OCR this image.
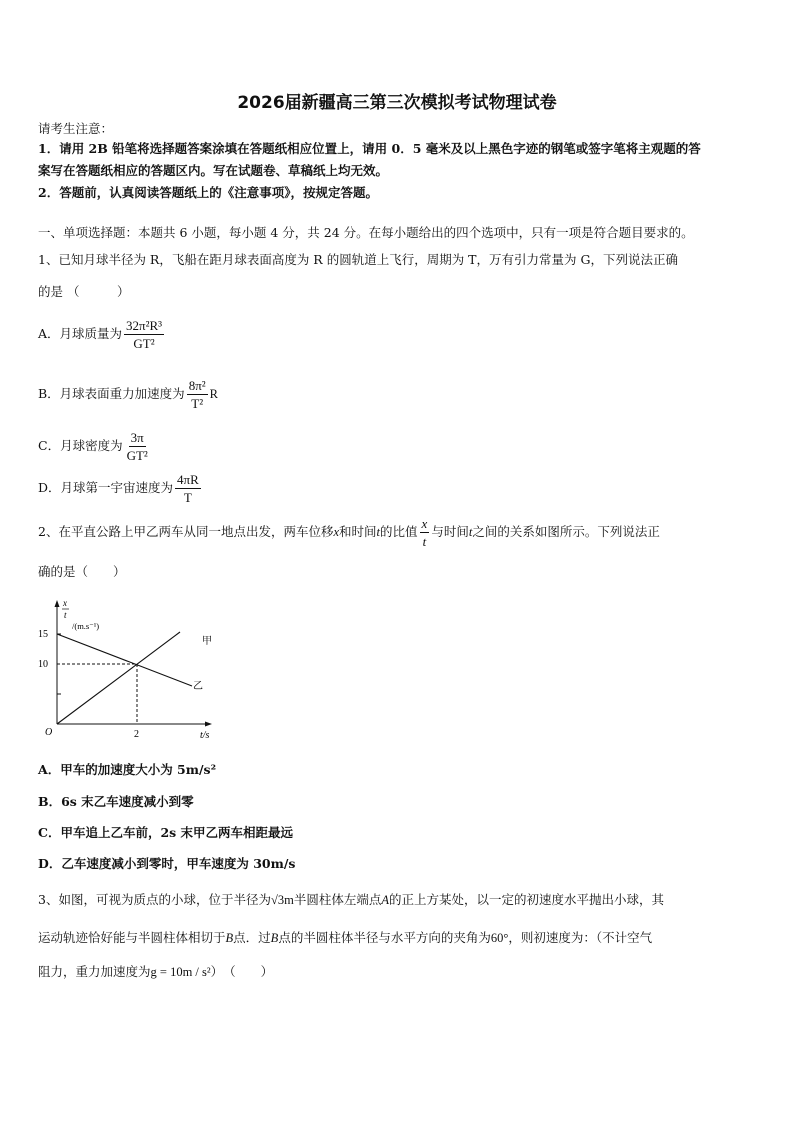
2026届新疆高三第三次模拟考试物理试卷
请考生注意：
1．请用 2B 铅笔将选择题答案涂填在答题纸相应位置上，请用 0．5 毫米及以上黑色字迹的钢笔或签字笔将主观题的答
案写在答题纸相应的答题区内。写在试题卷、草稿纸上均无效。
2．答题前，认真阅读答题纸上的《注意事项》，按规定答题。
一、单项选择题：本题共 6 小题，每小题 4 分，共 24 分。在每小题给出的四个选项中，只有一项是符合题目要求的。
1、已知月球半径为 R，飞船在距月球表面高度为 R 的圆轨道上飞行，周期为 T，万有引力常量为 G，下列说法正确
的是 （　　　）
A．月球质量为 $\frac{\text{32π²R³}}{\text{GT²}}$
B．月球表面重力加速度为 $\frac{\text{8π²}}{\text{T²}}$ R
C．月球密度为 $\frac{3\pi}{\text{GT²}}$
D．月球第一宇宙速度为 $\frac{4\pi R}{T}$
2、在平直公路上甲乙两车从同一地点出发，两车位移x和时间t的比值 $\frac{x}{t}$ 与时间t之间的关系如图所示。下列说法正
确的是（　　）
x
t
/(m.s⁻¹)
15
10
O	2	t/s
甲
乙
A．甲车的加速度大小为 5m/s²
B．6s 末乙车速度减小到零
C．甲车追上乙车前，2s 末甲乙两车相距最远
D．乙车速度减小到零时，甲车速度为 30m/s
3、如图，可视为质点的小球，位于半径为√3m半圆柱体左端点A的正上方某处，以一定的初速度水平抛出小球，其
运动轨迹恰好能与半圆柱体相切于B点．过B点的半圆柱体半径与水平方向的夹角为60°，则初速度为：（不计空气
阻力，重力加速度为g = 10m / s²）　（　　）
